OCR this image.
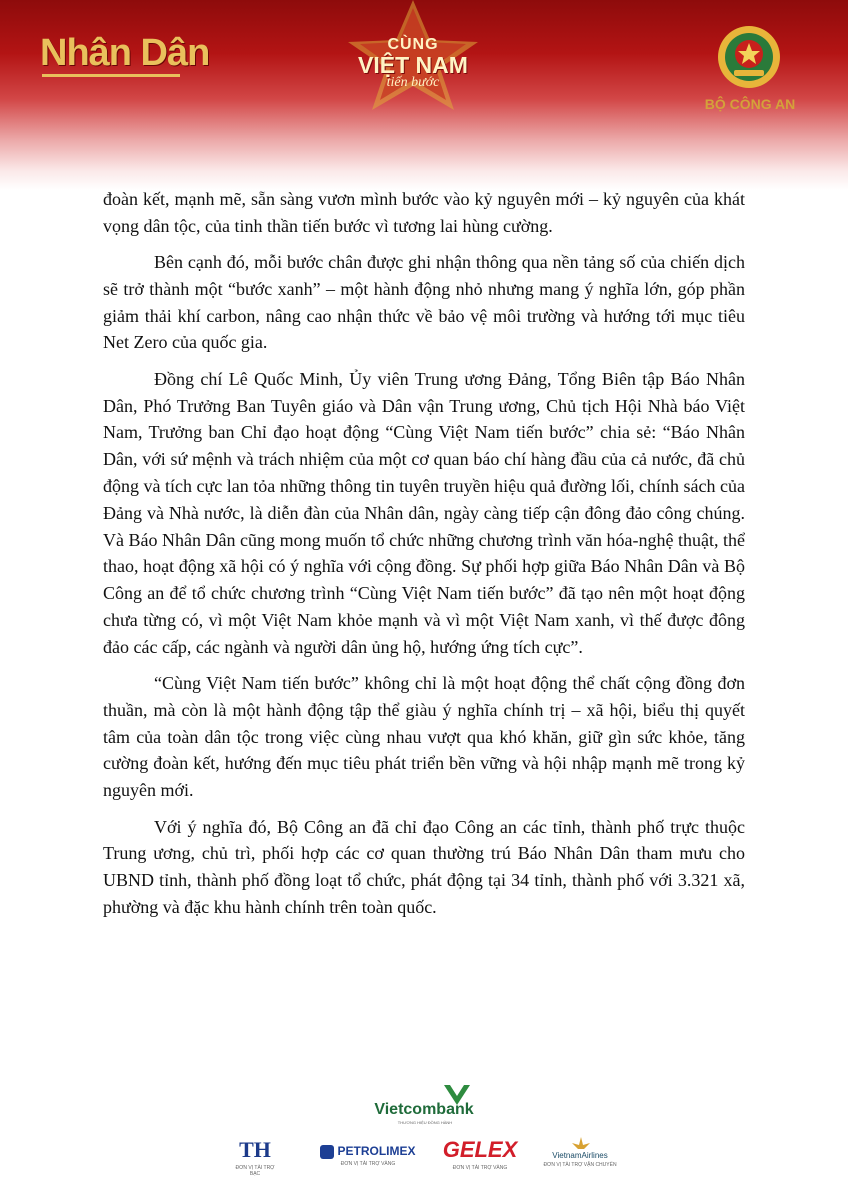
Nhân Dân	CÙNG
VIỆT NAM
tiến bước
BỘ CÔNG AN

đoàn kết, mạnh mẽ, sẵn sàng vươn mình bước vào kỷ nguyên mới – kỷ nguyên của khát vọng dân tộc, của tinh thần tiến bước vì tương lai hùng cường.

Bên cạnh đó, mỗi bước chân được ghi nhận thông qua nền tảng số của chiến dịch sẽ trở thành một “bước xanh” – một hành động nhỏ nhưng mang ý nghĩa lớn, góp phần giảm thải khí carbon, nâng cao nhận thức về bảo vệ môi trường và hướng tới mục tiêu Net Zero của quốc gia.

Đồng chí Lê Quốc Minh, Ủy viên Trung ương Đảng, Tổng Biên tập Báo Nhân Dân, Phó Trưởng Ban Tuyên giáo và Dân vận Trung ương, Chủ tịch Hội Nhà báo Việt Nam, Trưởng ban Chỉ đạo hoạt động “Cùng Việt Nam tiến bước” chia sẻ: “Báo Nhân Dân, với sứ mệnh và trách nhiệm của một cơ quan báo chí hàng đầu của cả nước, đã chủ động và tích cực lan tỏa những thông tin tuyên truyền hiệu quả đường lối, chính sách của Đảng và Nhà nước, là diễn đàn của Nhân dân, ngày càng tiếp cận đông đảo công chúng. Và Báo Nhân Dân cũng mong muốn tổ chức những chương trình văn hóa-nghệ thuật, thể thao, hoạt động xã hội có ý nghĩa với cộng đồng. Sự phối hợp giữa Báo Nhân Dân và Bộ Công an để tổ chức chương trình “Cùng Việt Nam tiến bước” đã tạo nên một hoạt động chưa từng có, vì một Việt Nam khỏe mạnh và vì một Việt Nam xanh, vì thế được đông đảo các cấp, các ngành và người dân ủng hộ, hướng ứng tích cực”.

“Cùng Việt Nam tiến bước” không chỉ là một hoạt động thể chất cộng đồng đơn thuần, mà còn là một hành động tập thể giàu ý nghĩa chính trị – xã hội, biểu thị quyết tâm của toàn dân tộc trong việc cùng nhau vượt qua khó khăn, giữ gìn sức khỏe, tăng cường đoàn kết, hướng đến mục tiêu phát triển bền vững và hội nhập mạnh mẽ trong kỷ nguyên mới.

Với ý nghĩa đó, Bộ Công an đã chỉ đạo Công an các tỉnh, thành phố trực thuộc Trung ương, chủ trì, phối hợp các cơ quan thường trú Báo Nhân Dân tham mưu cho UBND tỉnh, thành phố đồng loạt tổ chức, phát động tại 34 tỉnh, thành phố với 3.321 xã, phường và đặc khu hành chính trên toàn quốc.

Vietcombank
THƯƠNG HIỆU ĐỒNG HÀNH
TH
ĐƠN VỊ TÀI TRỢ BẠC
PETROLIMEX
ĐƠN VỊ TÀI TRỢ VÀNG
GELEX
ĐƠN VỊ TÀI TRỢ VÀNG
VietnamAirlines
ĐƠN VỊ TÀI TRỢ VẬN CHUYỂN
